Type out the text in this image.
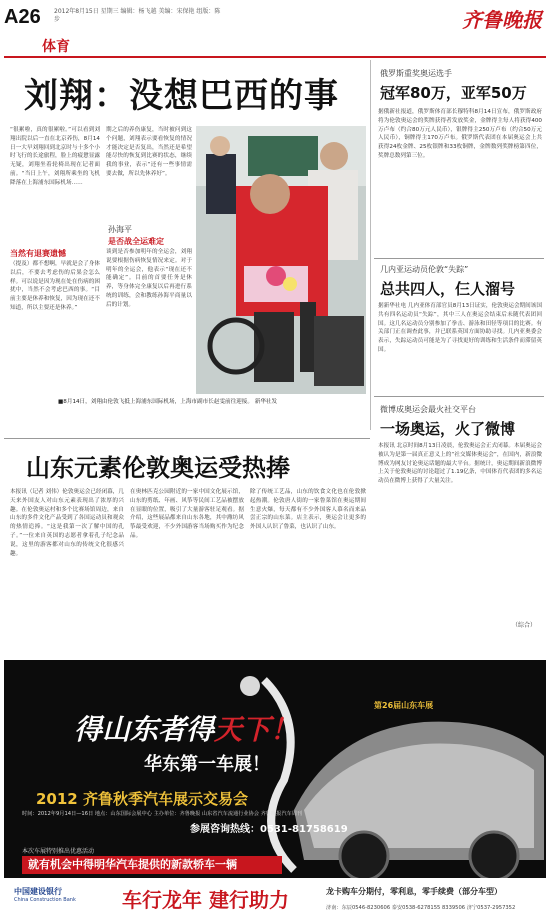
A26 2012年8月15日 星期三 编辑：杨飞越 美编：宋保艳 组版：陈步	齐鲁晚报
体育
刘翔：没想巴西的事
“很累啦，真的很累啦。”可以看到刘翔出院以后一直在北京养伤，8月14日一大早刘翔回到北京时与十多个小时飞行的长途旅程，脸上的疲惫显露无疑，刘翔坐着轮椅出现在记者面前。“当日上午，刘翔所乘坐的飞机降落在上海浦东国际机场……
当然有退赛遗憾
（提及）都不想啊，早就是会了身体以后，不要去考虑伤的后果会怎么样。可以说是因为现在处在伤病的困扰中，当然不会考虑巴西的事。“目前主要是休养和恢复，因为现在还不知道，所以主要还是休养。”
期之后的养伤康复，当时被问到这个问题，刘翔表示要看恢复的情况才能决定是否复出，当然还是希望能尽快的恢复到比赛的状态，继续我的事业，表示“还有一些事情需要去做，所以先休养好”。
孙海平
是否战全运难定
谈到是否参加明年的全运会，刘翔说要根据伤病恢复情况来定。对于明年的全运会，他表示“现在还不能确定”。目前的首要任务是休养，等身体完全康复以后再进行系统的训练，会和教练孙海平商量以后的计划。
■8月14日，刘翔由伦敦飞抵上海浦东国际机场，上海市副市长赵雯前往迎接。 新华社发
俄罗斯重奖奥运选手
冠军80万，亚军50万
据俄新社报道，俄罗斯体育部长穆特科8月14日宣布，俄罗斯政府将为伦敦奥运会的奖牌获得者发放奖金，金牌得主每人将获得400万卢布（约合80万元人民币），银牌得主250万卢布（约合50万元人民币），铜牌得主170万卢布。俄罗斯代表团在本届奥运会上共获得24枚金牌、25枚银牌和33枚铜牌，金牌数列奖牌榜第四位，奖牌总数列第三位。
几内亚运动员伦敦“失踪”
总共四人，仨人溜号
据新华社电 几内亚体育部官员8月13日证实，伦敦奥运会期间该国共有四名运动员“失踪”，其中三人在奥运会结束后未随代表团回国。这几名运动员分别参加了拳击、游泳和田径等项目的比赛。有关部门正在调查此事，并已联系英国方面协助寻找。几内亚奥委会表示，失踪运动员可能是为了寻找更好的训练和生活条件而滞留英国。
微博成奥运会最火社交平台
一场奥运，火了微博
本报讯 北京时间8月13日凌晨，伦敦奥运会正式闭幕。本届奥运会被认为是第一届真正意义上的“社交媒体奥运会”，在国内，新浪微博成为网友讨论奥运话题的最大平台。据统计，奥运期间新浪微博上关于伦敦奥运的讨论超过了1.19亿条，中国体育代表团的多名运动员在微博上获得了大量关注。
（综合）
山东元素伦敦奥运受热捧
本报讯（记者 刘伟）伦敦奥运会已经闭幕，几天来外国友人对山东元素表现出了浓厚的兴趣。在伦敦奥运村和多个比赛场馆周边，来自山东的多件文化产品受到了各国运动员和观众的热情追捧。“这是我第一次了解中国的孔子。”一位来自英国的志愿者拿着孔子纪念品说，这里的游客都对山东的传统文化很感兴趣。
在奥林匹克公园附近的一家中国文化展示馆，山东的剪纸、年画、风筝等民间工艺品被摆放在显眼的位置，吸引了大量游客驻足观看。据介绍，这些展品都来自山东各地，其中潍坊风筝最受欢迎，不少外国游客当场购买作为纪念品。
除了传统工艺品，山东的饮食文化也在伦敦掀起热潮。伦敦唐人街的一家鲁菜馆在奥运期间生意火爆，每天都有不少外国客人慕名而来品尝正宗的山东菜。店主表示，奥运会让更多的外国人认识了鲁菜，也认识了山东。
得山东者得天下！
华东第一车展！
第26届山东车展
2012 齐鲁秋季汽车展示交易会
时间：2012年9月14日—16日 地点：山东国际会展中心 主办单位：齐鲁晚报 山东省汽车流通行业协会 齐鲁晚报汽车周刊
参展咨询热线：0531-81758619
本次车展特别推出优惠活动
就有机会中得明华汽车提供的新款轿车一辆
中国建设银行
China Construction Bank 车行龙年 建行助力	龙卡购车分期付，零利息，零手续费（部分车型）
济南：东辰0546-8230606 泰安0538-6278155 8339506 济宁0537-2957352
